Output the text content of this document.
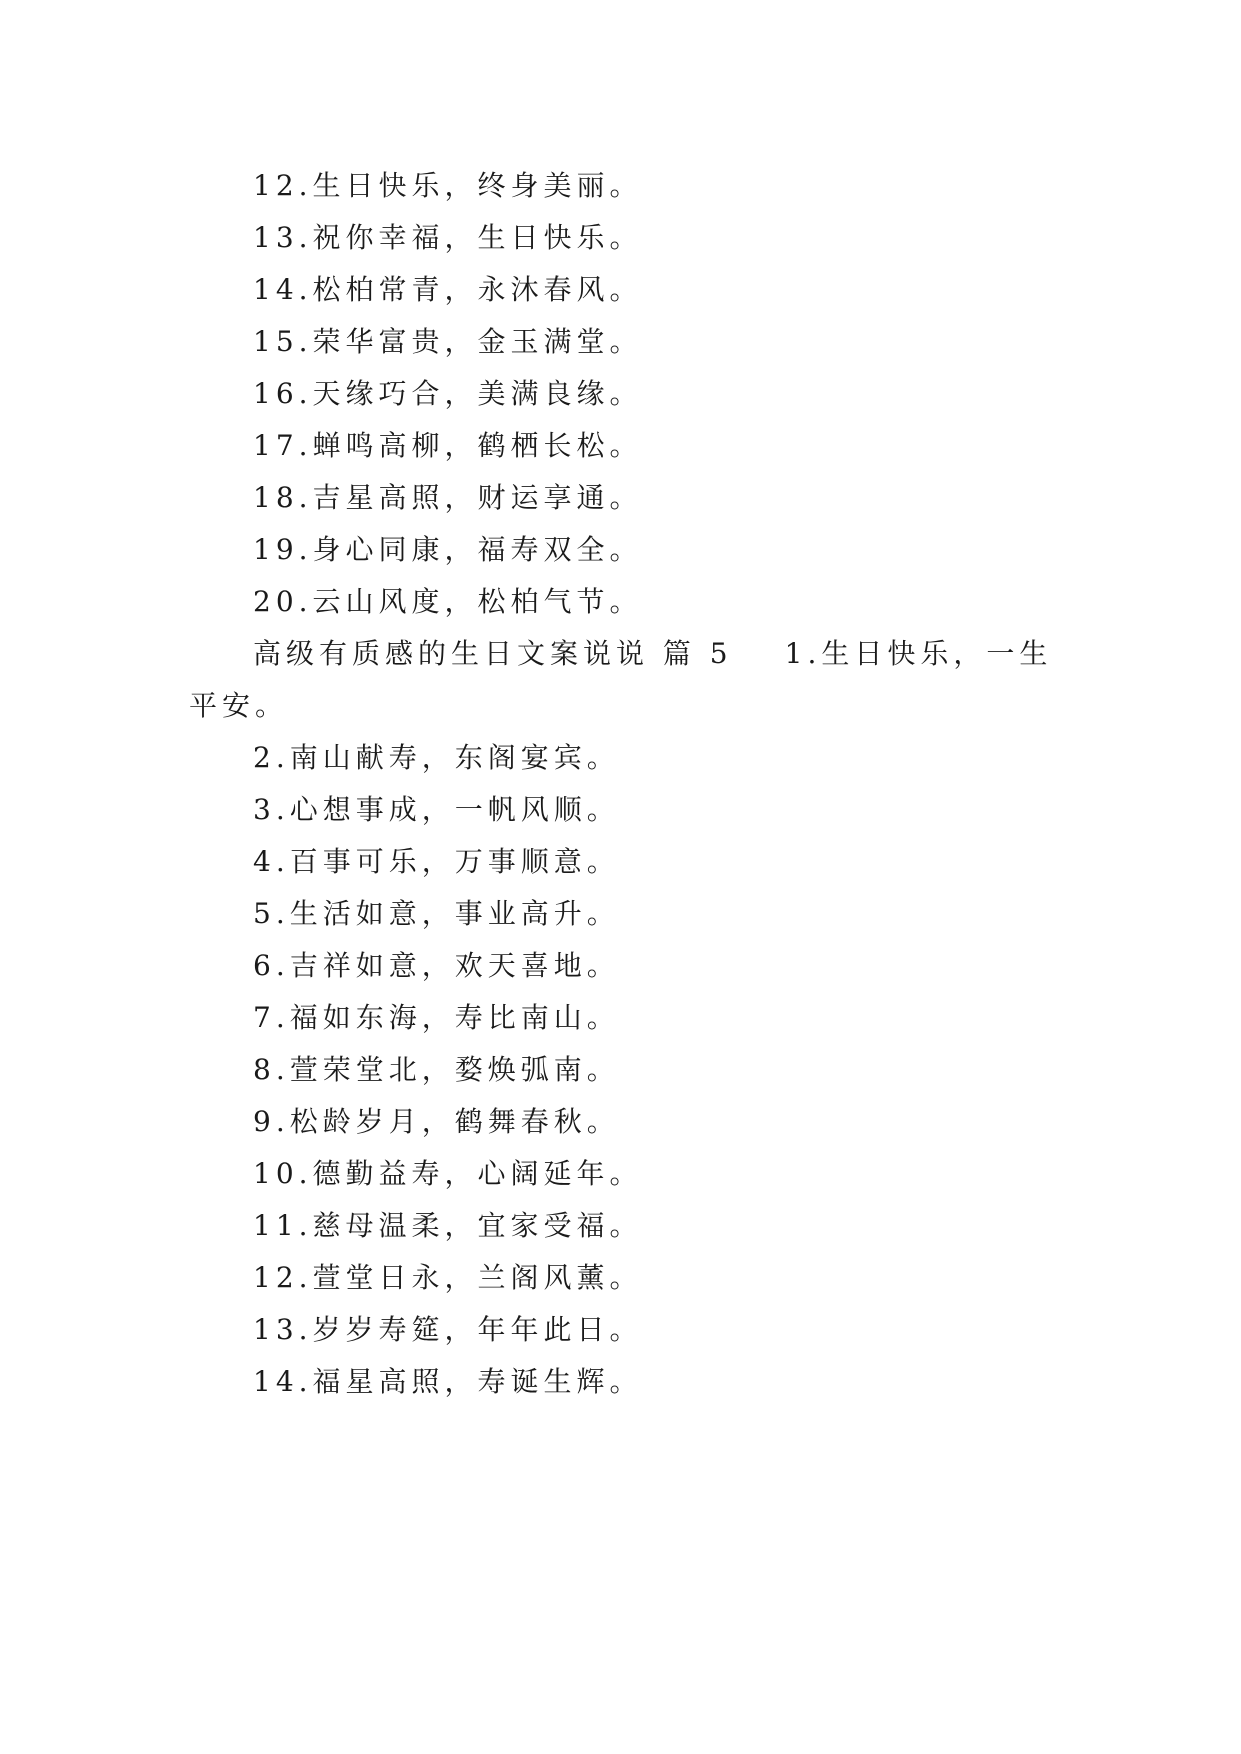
12.生日快乐，终身美丽。
13.祝你幸福，生日快乐。
14.松柏常青，永沐春风。
15.荣华富贵，金玉满堂。
16.天缘巧合，美满良缘。
17.蝉鸣高柳，鹤栖长松。
18.吉星高照，财运享通。
19.身心同康，福寿双全。
20.云山风度，松柏气节。
高级有质感的生日文案说说 篇 5 1.生日快乐，一生
平安。
2.南山献寿，东阁宴宾。
3.心想事成，一帆风顺。
4.百事可乐，万事顺意。
5.生活如意，事业高升。
6.吉祥如意，欢天喜地。
7.福如东海，寿比南山。
8.萱荣堂北，婺焕弧南。
9.松龄岁月，鹤舞春秋。
10.德勤益寿，心阔延年。
11.慈母温柔，宜家受福。
12.萱堂日永，兰阁风薰。
13.岁岁寿筵，年年此日。
14.福星高照，寿诞生辉。
